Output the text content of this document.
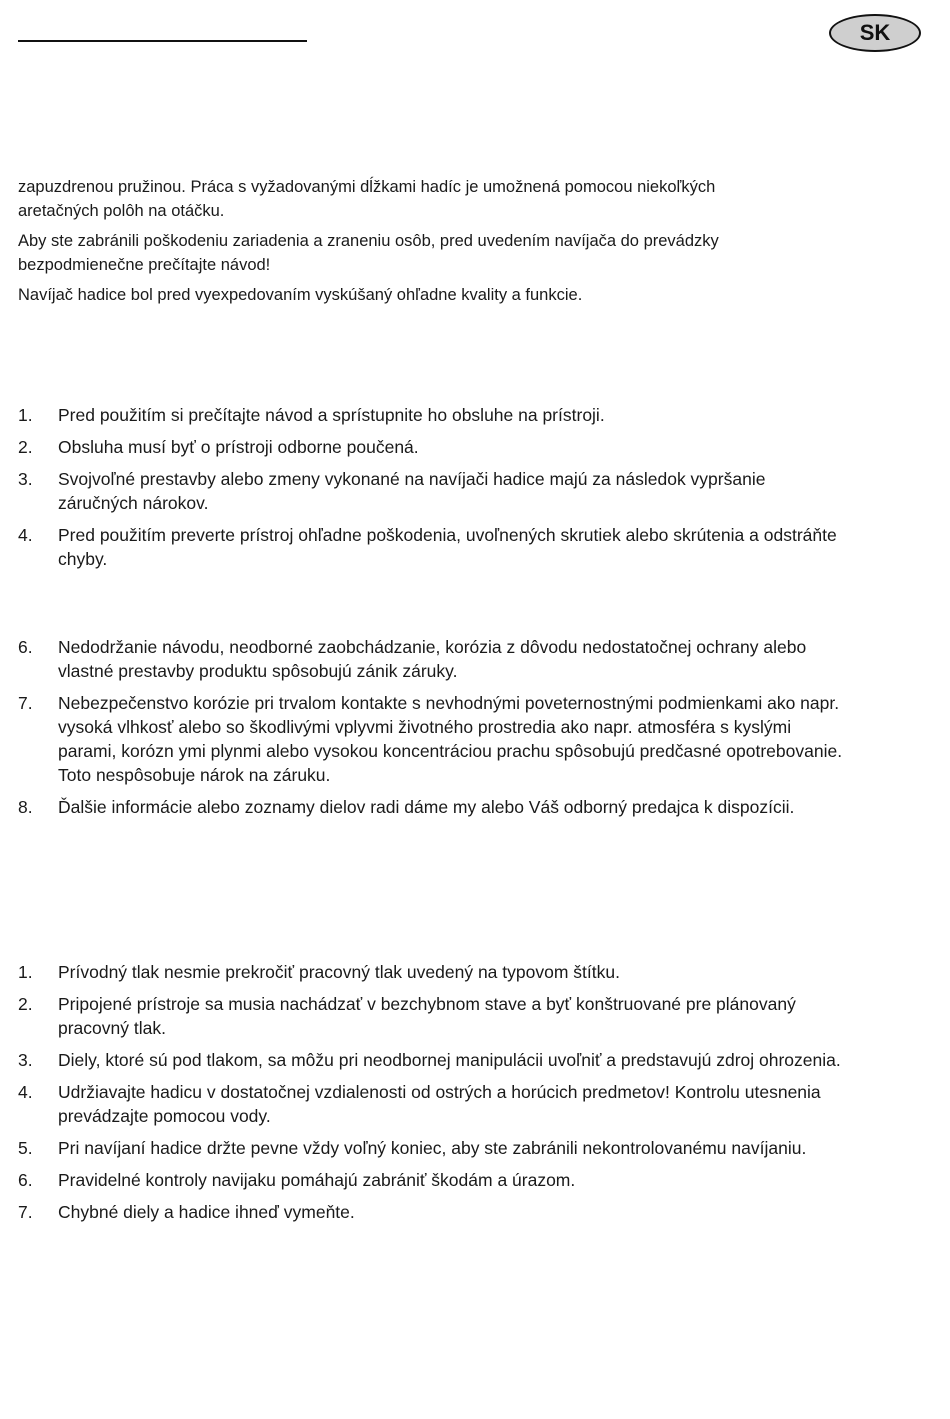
SK

zapuzdrenou pružinou. Práca s vyžadovanými dĺžkami hadíc je umožnená pomocou niekoľkých aretačných polôh na otáčku.

Aby ste zabránili poškodeniu zariadenia a zraneniu osôb, pred uvedením navíjača do prevádzky bezpodmienečne prečítajte návod!

Navíjač hadice bol pred vyexpedovaním vyskúšaný ohľadne kvality a funkcie.

1.	Pred použitím si prečítajte návod a sprístupnite ho obsluhe na prístroji.
2.	Obsluha musí byť o prístroji odborne poučená.
3.	Svojvoľné prestavby alebo zmeny vykonané na navíjači hadice majú za následok vypršanie záručných nárokov.
4.	Pred použitím preverte prístroj ohľadne poškodenia, uvoľnených skrutiek alebo skrútenia a odstráňte chyby.
6.	Nedodržanie návodu, neodborné zaobchádzanie, korózia z dôvodu nedostatočnej ochrany alebo vlastné prestavby produktu spôsobujú zánik záruky.
7.	Nebezpečenstvo korózie pri trvalom kontakte s nevhodnými poveternostnými podmienkami ako napr. vysoká vlhkosť alebo so škodlivými vplyvmi životného prostredia ako napr. atmosféra s kyslými parami, korózn ymi plynmi alebo vysokou koncentráciou prachu spôsobujú predčasné opotrebovanie. Toto nespôsobuje nárok na záruku.
8.	Ďalšie informácie alebo zoznamy dielov radi dáme my alebo Váš odborný predajca k dispozícii.
1.	Prívodný tlak nesmie prekročiť pracovný tlak uvedený na typovom štítku.
2.	Pripojené prístroje sa musia nachádzať v bezchybnom stave a byť konštruované pre plánovaný pracovný tlak.
3.	Diely, ktoré sú pod tlakom, sa môžu pri neodbornej manipulácii uvoľniť a predstavujú zdroj ohrozenia.
4.	Udržiavajte hadicu v dostatočnej vzdialenosti od ostrých a horúcich predmetov! Kontrolu utesnenia prevádzajte pomocou vody.
5.	Pri navíjaní hadice držte pevne vždy voľný koniec, aby ste zabránili nekontrolovanému navíjaniu.
6.	Pravidelné kontroly navijaku pomáhajú zabrániť škodám a úrazom.
7.	Chybné diely a hadice ihneď vymeňte.
